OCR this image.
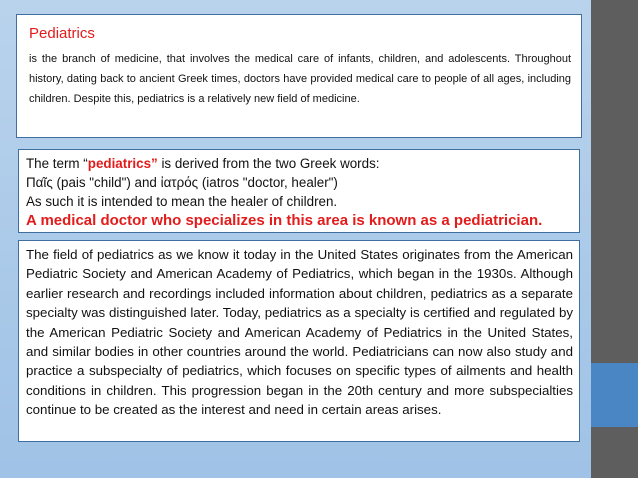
Pediatrics
is the branch of medicine, that involves the medical care of infants, children, and adolescents. Throughout history, dating back to ancient Greek times, doctors have provided medical care to people of all ages, including children. Despite this, pediatrics is a relatively new field of medicine.
The term “pediatrics” is derived from the two Greek words:
Παῖς (pais "child") and ἰατρός (iatros "doctor, healer")
As such it is intended to mean the healer of children.
A medical doctor who specializes in this area is known as a pediatrician.
The field of pediatrics as we know it today in the United States originates from the American Pediatric Society and American Academy of Pediatrics, which began in the 1930s. Although earlier research and recordings included information about children, pediatrics as a separate specialty was distinguished later. Today, pediatrics as a specialty is certified and regulated by the American Pediatric Society and American Academy of Pediatrics in the United States, and similar bodies in other countries around the world. Pediatricians can now also study and practice a subspecialty of pediatrics, which focuses on specific types of ailments and health conditions in children. This progression began in the 20th century and more subspecialties continue to be created as the interest and need in certain areas arises.
